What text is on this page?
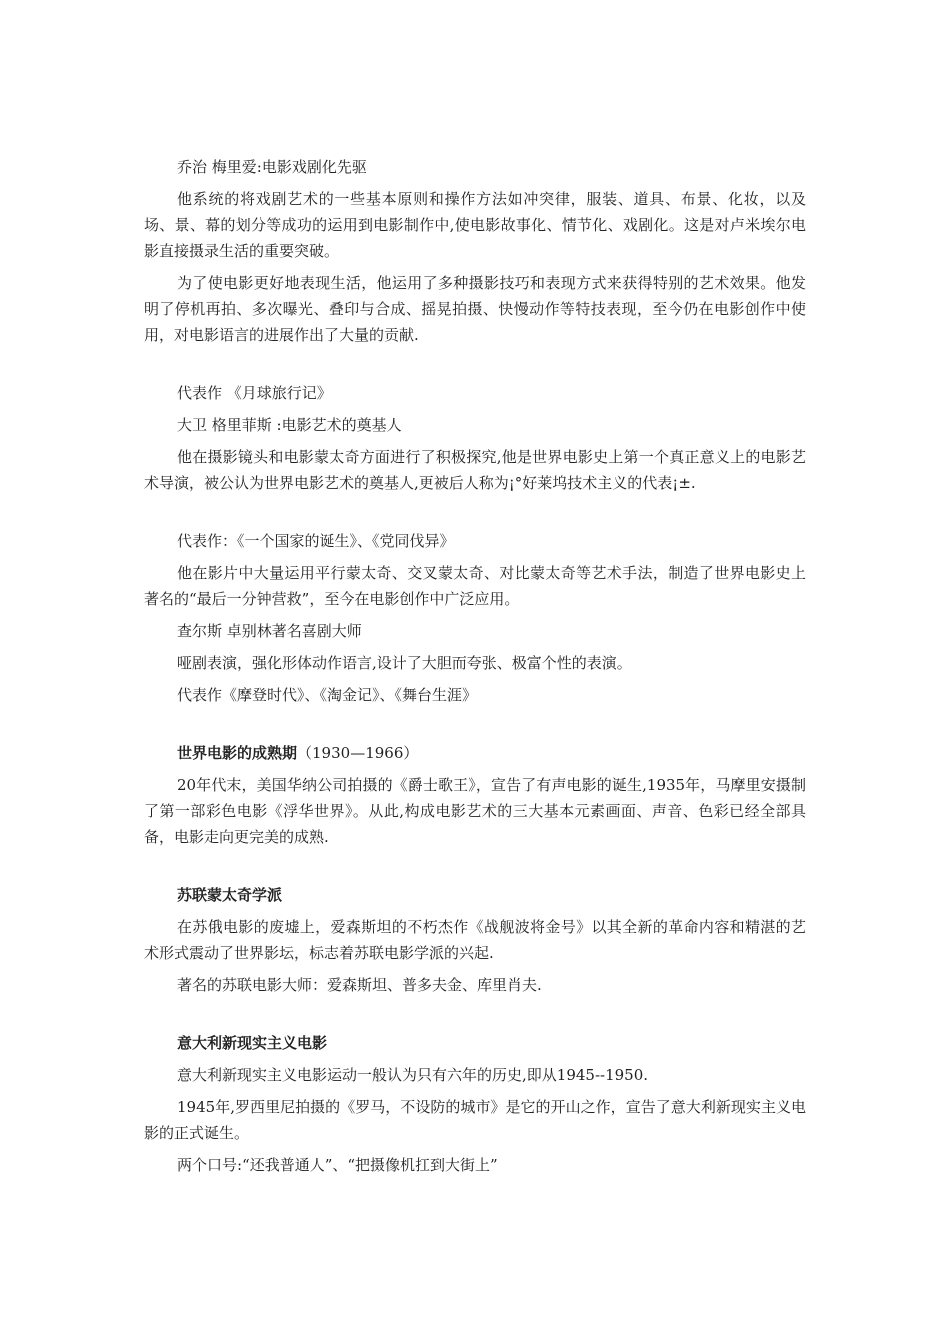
乔治 梅里爱:电影戏剧化先驱

他系统的将戏剧艺术的一些基本原则和操作方法如冲突律，服装、道具、布景、化妆，以及场、景、幕的划分等成功的运用到电影制作中,使电影故事化、情节化、戏剧化。这是对卢米埃尔电影直接摄录生活的重要突破。

为了使电影更好地表现生活，他运用了多种摄影技巧和表现方式来获得特别的艺术效果。他发明了停机再拍、多次曝光、叠印与合成、摇晃拍摄、快慢动作等特技表现，至今仍在电影创作中使用，对电影语言的进展作出了大量的贡献.

代表作 《月球旅行记》

大卫 格里菲斯 :电影艺术的奠基人

他在摄影镜头和电影蒙太奇方面进行了积极探究,他是世界电影史上第一个真正意义上的电影艺术导演，被公认为世界电影艺术的奠基人,更被后人称为¡°好莱坞技术主义的代表¡±.

代表作：《一个国家的诞生》、《党同伐异》

他在影片中大量运用平行蒙太奇、交叉蒙太奇、对比蒙太奇等艺术手法，制造了世界电影史上著名的“最后一分钟营救”，至今在电影创作中广泛应用。

查尔斯 卓别林著名喜剧大师

哑剧表演，强化形体动作语言,设计了大胆而夸张、极富个性的表演。

代表作《摩登时代》、《淘金记》、《舞台生涯》

世界电影的成熟期（1930—1966）

20年代末，美国华纳公司拍摄的《爵士歌王》，宣告了有声电影的诞生,1935年，马摩里安摄制了第一部彩色电影《浮华世界》。从此,构成电影艺术的三大基本元素画面、声音、色彩已经全部具备，电影走向更完美的成熟.

苏联蒙太奇学派

在苏俄电影的废墟上，爱森斯坦的不朽杰作《战舰波将金号》以其全新的革命内容和精湛的艺术形式震动了世界影坛，标志着苏联电影学派的兴起.

著名的苏联电影大师：爱森斯坦、普多夫金、库里肖夫.

意大利新现实主义电影

意大利新现实主义电影运动一般认为只有六年的历史,即从1945--1950.

1945年,罗西里尼拍摄的《罗马，不设防的城市》是它的开山之作，宣告了意大利新现实主义电影的正式诞生。

两个口号:“还我普通人”、“把摄像机扛到大街上”
